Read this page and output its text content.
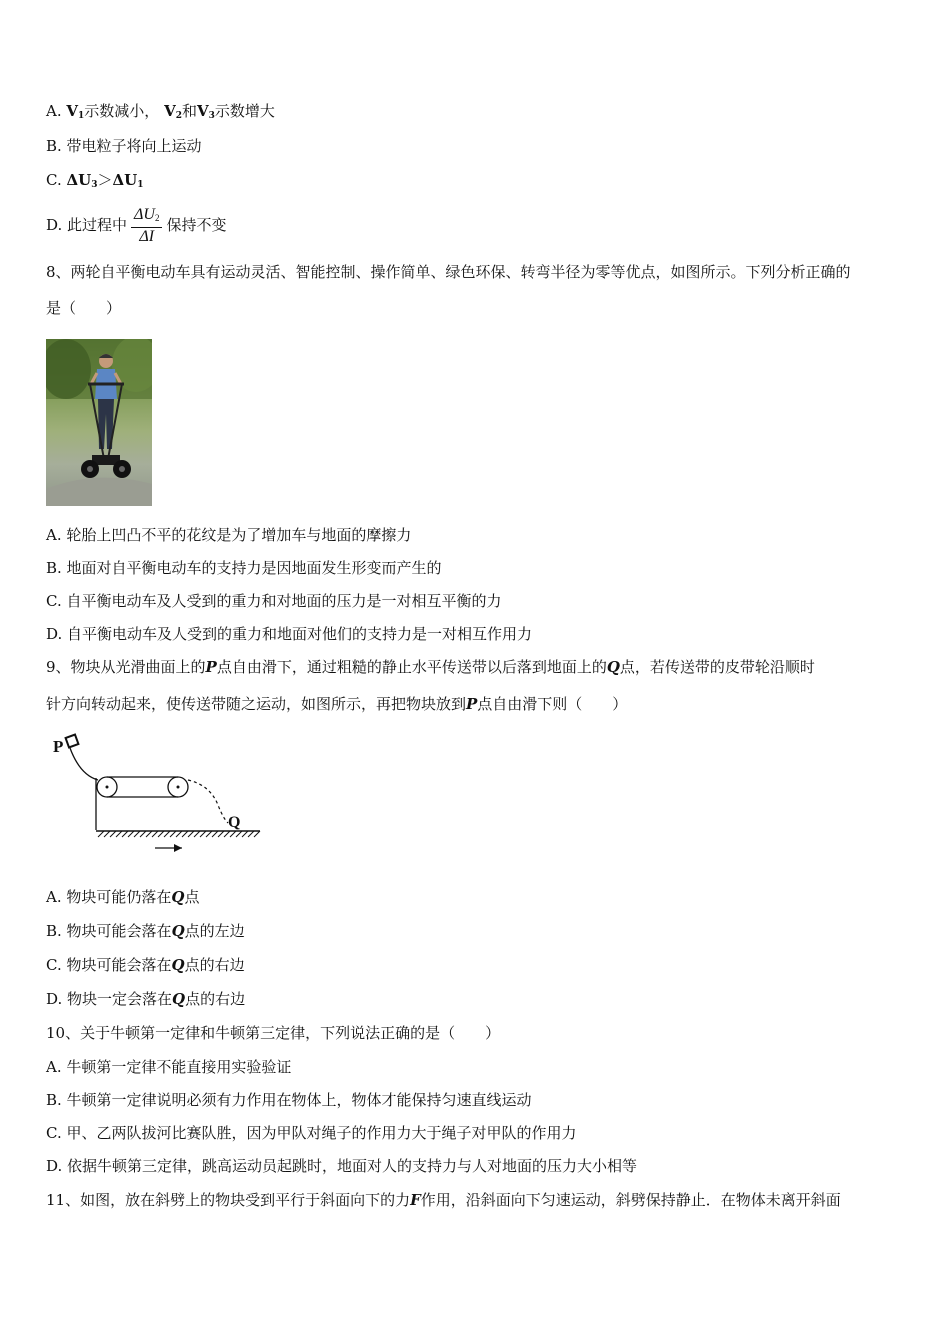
A. $V_1$示数减小， $V_2$和$V_3$示数增大
B. 带电粒子将向上运动
C. $\Delta U_3>\Delta U_1$
D. 此过程中 $\frac{\Delta U_2}{\Delta I}$ 保持不变
8、两轮自平衡电动车具有运动灵活、智能控制、操作简单、绿色环保、转弯半径为零等优点，如图所示。下列分析正确的
是（　　）
A. 轮胎上凹凸不平的花纹是为了增加车与地面的摩擦力
B. 地面对自平衡电动车的支持力是因地面发生形变而产生的
C. 自平衡电动车及人受到的重力和对地面的压力是一对相互平衡的力
D. 自平衡电动车及人受到的重力和地面对他们的支持力是一对相互作用力
9、物块从光滑曲面上的P点自由滑下，通过粗糙的静止水平传送带以后落到地面上的Q点，若传送带的皮带轮沿顺时
针方向转动起来，使传送带随之运动，如图所示，再把物块放到P点自由滑下则（　　）
P
Q
A. 物块可能仍落在Q点
B. 物块可能会落在Q点的左边
C. 物块可能会落在Q点的右边
D. 物块一定会落在Q点的右边
10、关于牛顿第一定律和牛顿第三定律，下列说法正确的是（　　）
A. 牛顿第一定律不能直接用实验验证
B. 牛顿第一定律说明必须有力作用在物体上，物体才能保持匀速直线运动
C. 甲、乙两队拔河比赛队胜，因为甲队对绳子的作用力大于绳子对甲队的作用力
D. 依据牛顿第三定律，跳高运动员起跳时，地面对人的支持力与人对地面的压力大小相等
11、如图，放在斜劈上的物块受到平行于斜面向下的力F作用，沿斜面向下匀速运动，斜劈保持静止．在物体未离开斜面
